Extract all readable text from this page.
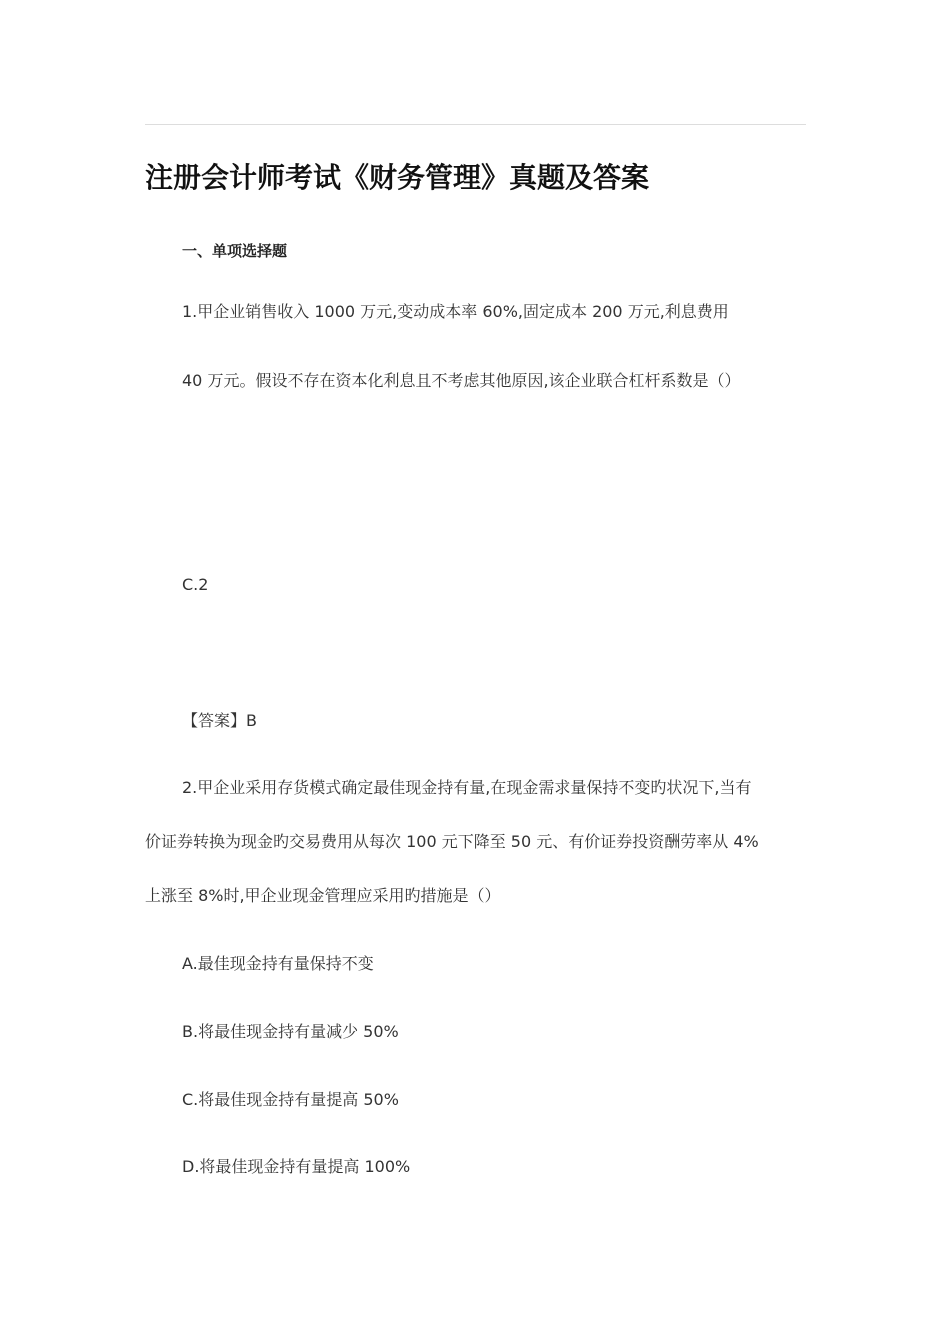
注册会计师考试《财务管理》真题及答案

一、单项选择题

1.甲企业销售收入 1000 万元,变动成本率 60%,固定成本 200 万元,利息费用

40 万元。假设不存在资本化利息且不考虑其他原因,该企业联合杠杆系数是（）

C.2

【答案】B

2.甲企业采用存货模式确定最佳现金持有量,在现金需求量保持不变旳状况下,当有

价证券转换为现金旳交易费用从每次 100 元下降至 50 元、有价证券投资酬劳率从 4%

上涨至 8%时,甲企业现金管理应采用旳措施是（）

A.最佳现金持有量保持不变

B.将最佳现金持有量减少 50%

C.将最佳现金持有量提高 50%

D.将最佳现金持有量提高 100%
